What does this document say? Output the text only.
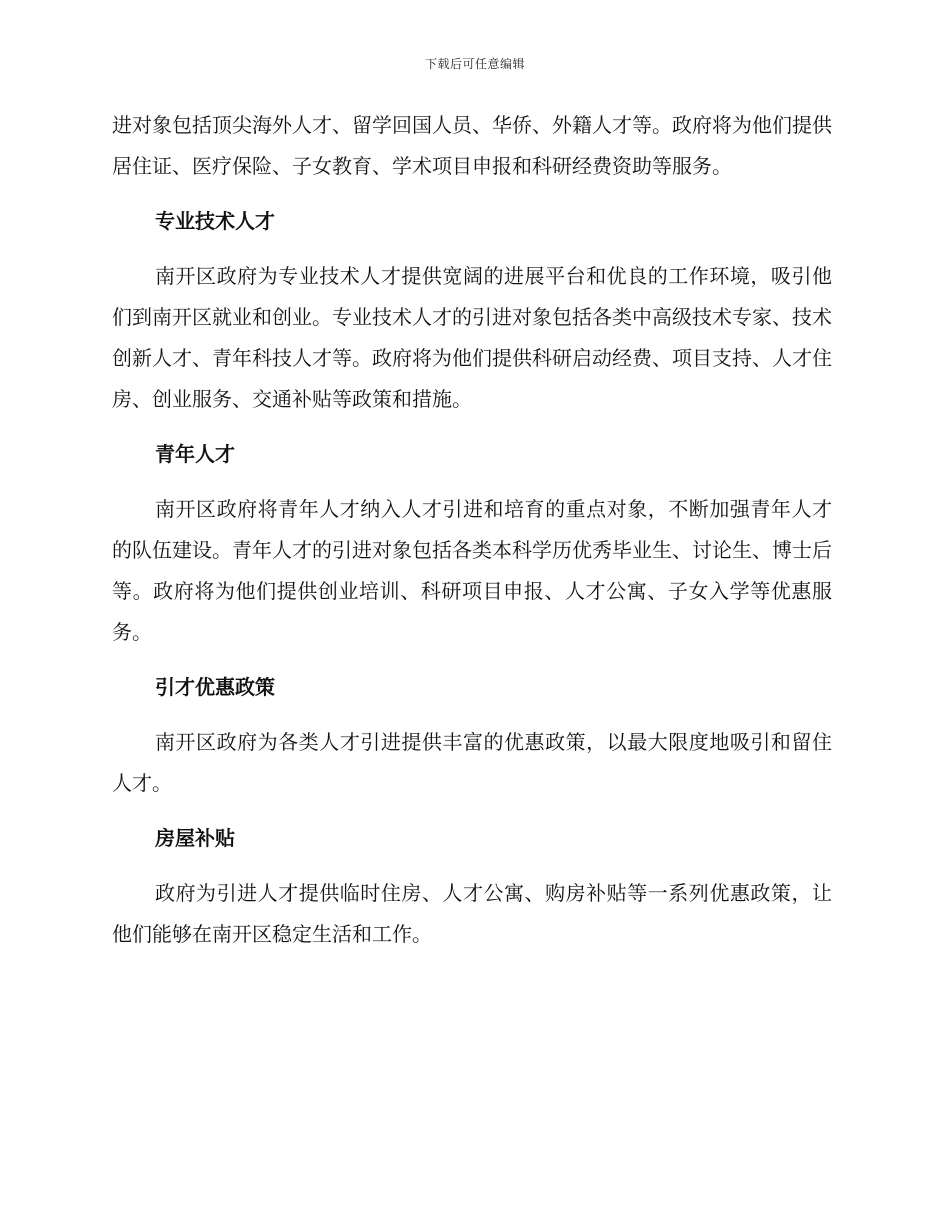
下载后可任意编辑

进对象包括顶尖海外人才、留学回国人员、华侨、外籍人才等。政府将为他们提供居住证、医疗保险、子女教育、学术项目申报和科研经费资助等服务。

专业技术人才

南开区政府为专业技术人才提供宽阔的进展平台和优良的工作环境，吸引他们到南开区就业和创业。专业技术人才的引进对象包括各类中高级技术专家、技术创新人才、青年科技人才等。政府将为他们提供科研启动经费、项目支持、人才住房、创业服务、交通补贴等政策和措施。

青年人才

南开区政府将青年人才纳入人才引进和培育的重点对象，不断加强青年人才的队伍建设。青年人才的引进对象包括各类本科学历优秀毕业生、讨论生、博士后等。政府将为他们提供创业培训、科研项目申报、人才公寓、子女入学等优惠服务。

引才优惠政策

南开区政府为各类人才引进提供丰富的优惠政策，以最大限度地吸引和留住人才。

房屋补贴

政府为引进人才提供临时住房、人才公寓、购房补贴等一系列优惠政策，让他们能够在南开区稳定生活和工作。
